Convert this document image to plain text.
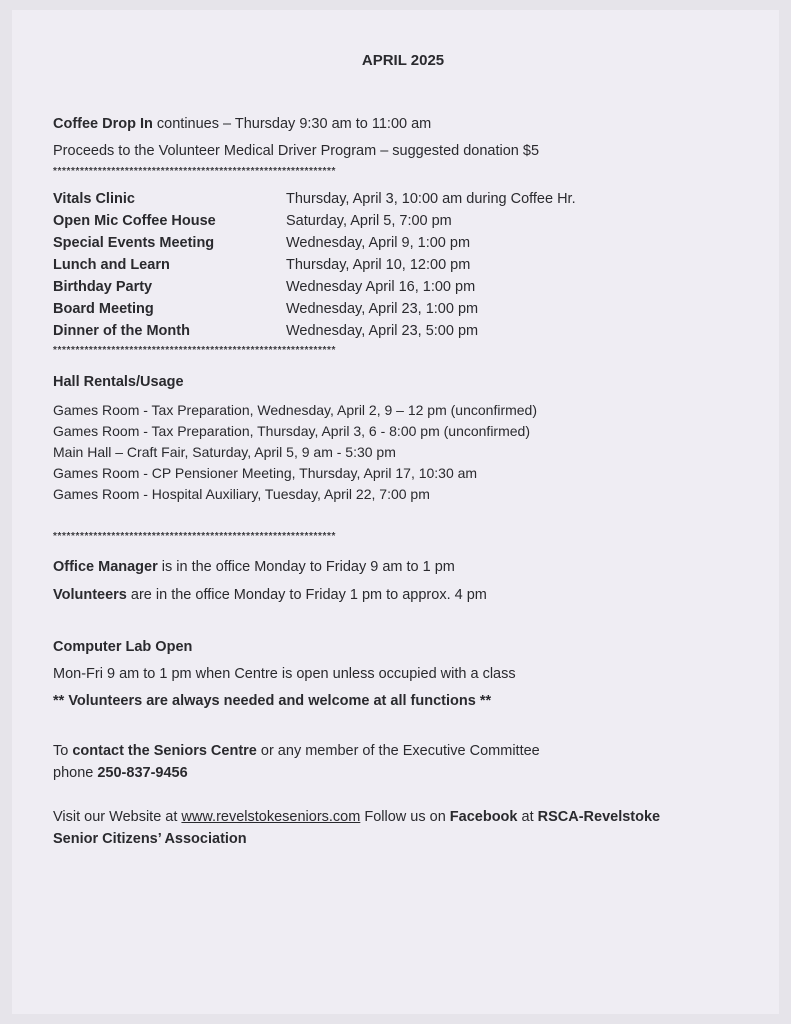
APRIL 2025
Coffee Drop In continues – Thursday 9:30 am to 11:00 am
Proceeds to the Volunteer Medical Driver Program – suggested donation $5
***************************************************************
Vitals Clinic	Thursday, April 3, 10:00 am during Coffee Hr.
Open Mic Coffee House	Saturday, April 5, 7:00 pm
Special Events Meeting	Wednesday, April 9, 1:00 pm
Lunch and Learn	Thursday, April 10, 12:00 pm
Birthday Party	Wednesday April 16, 1:00 pm
Board Meeting	Wednesday, April 23, 1:00 pm
Dinner of the Month	Wednesday, April 23, 5:00 pm
***************************************************************
Hall Rentals/Usage
Games Room - Tax Preparation, Wednesday, April 2, 9 – 12 pm (unconfirmed)
Games Room - Tax Preparation, Thursday, April 3, 6 - 8:00 pm (unconfirmed)
Main Hall – Craft Fair, Saturday, April 5, 9 am - 5:30 pm
Games Room - CP Pensioner Meeting, Thursday, April 17, 10:30 am
Games Room - Hospital Auxiliary, Tuesday, April 22, 7:00 pm
***************************************************************
Office Manager is in the office Monday to Friday 9 am to 1 pm
Volunteers are in the office Monday to Friday 1 pm to approx. 4 pm
Computer Lab Open
Mon-Fri 9 am to 1 pm when Centre is open unless occupied with a class
** Volunteers are always needed and welcome at all functions **
To contact the Seniors Centre or any member of the Executive Committee
phone 250-837-9456
Visit our Website at www.revelstokeseniors.com Follow us on Facebook at RSCA-Revelstoke
Senior Citizens’ Association
